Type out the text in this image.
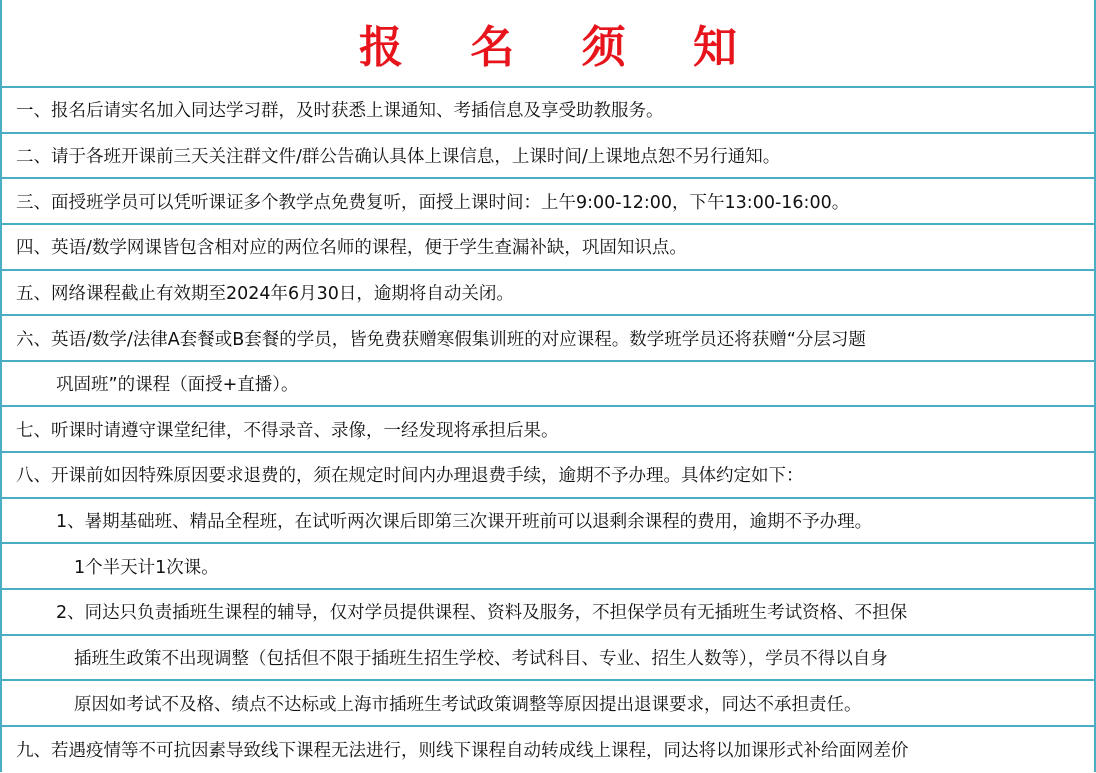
报 名 须 知
一、报名后请实名加入同达学习群，及时获悉上课通知、考插信息及享受助教服务。
二、请于各班开课前三天关注群文件/群公告确认具体上课信息，上课时间/上课地点恕不另行通知。
三、面授班学员可以凭听课证多个教学点免费复听，面授上课时间：上午9:00-12:00，下午13:00-16:00。
四、英语/数学网课皆包含相对应的两位名师的课程，便于学生查漏补缺，巩固知识点。
五、网络课程截止有效期至2024年6月30日，逾期将自动关闭。
六、英语/数学/法律A套餐或B套餐的学员，皆免费获赠寒假集训班的对应课程。数学班学员还将获赠“分层习题
巩固班”的课程（面授+直播）。
七、听课时请遵守课堂纪律，不得录音、录像，一经发现将承担后果。
八、开课前如因特殊原因要求退费的，须在规定时间内办理退费手续，逾期不予办理。具体约定如下：
1、暑期基础班、精品全程班，在试听两次课后即第三次课开班前可以退剩余课程的费用，逾期不予办理。
1个半天计1次课。
2、同达只负责插班生课程的辅导，仅对学员提供课程、资料及服务，不担保学员有无插班生考试资格、不担保
插班生政策不出现调整（包括但不限于插班生招生学校、考试科目、专业、招生人数等），学员不得以自身
原因如考试不及格、绩点不达标或上海市插班生考试政策调整等原因提出退课要求，同达不承担责任。
九、若遇疫情等不可抗因素导致线下课程无法进行，则线下课程自动转成线上课程，同达将以加课形式补给面网差价
